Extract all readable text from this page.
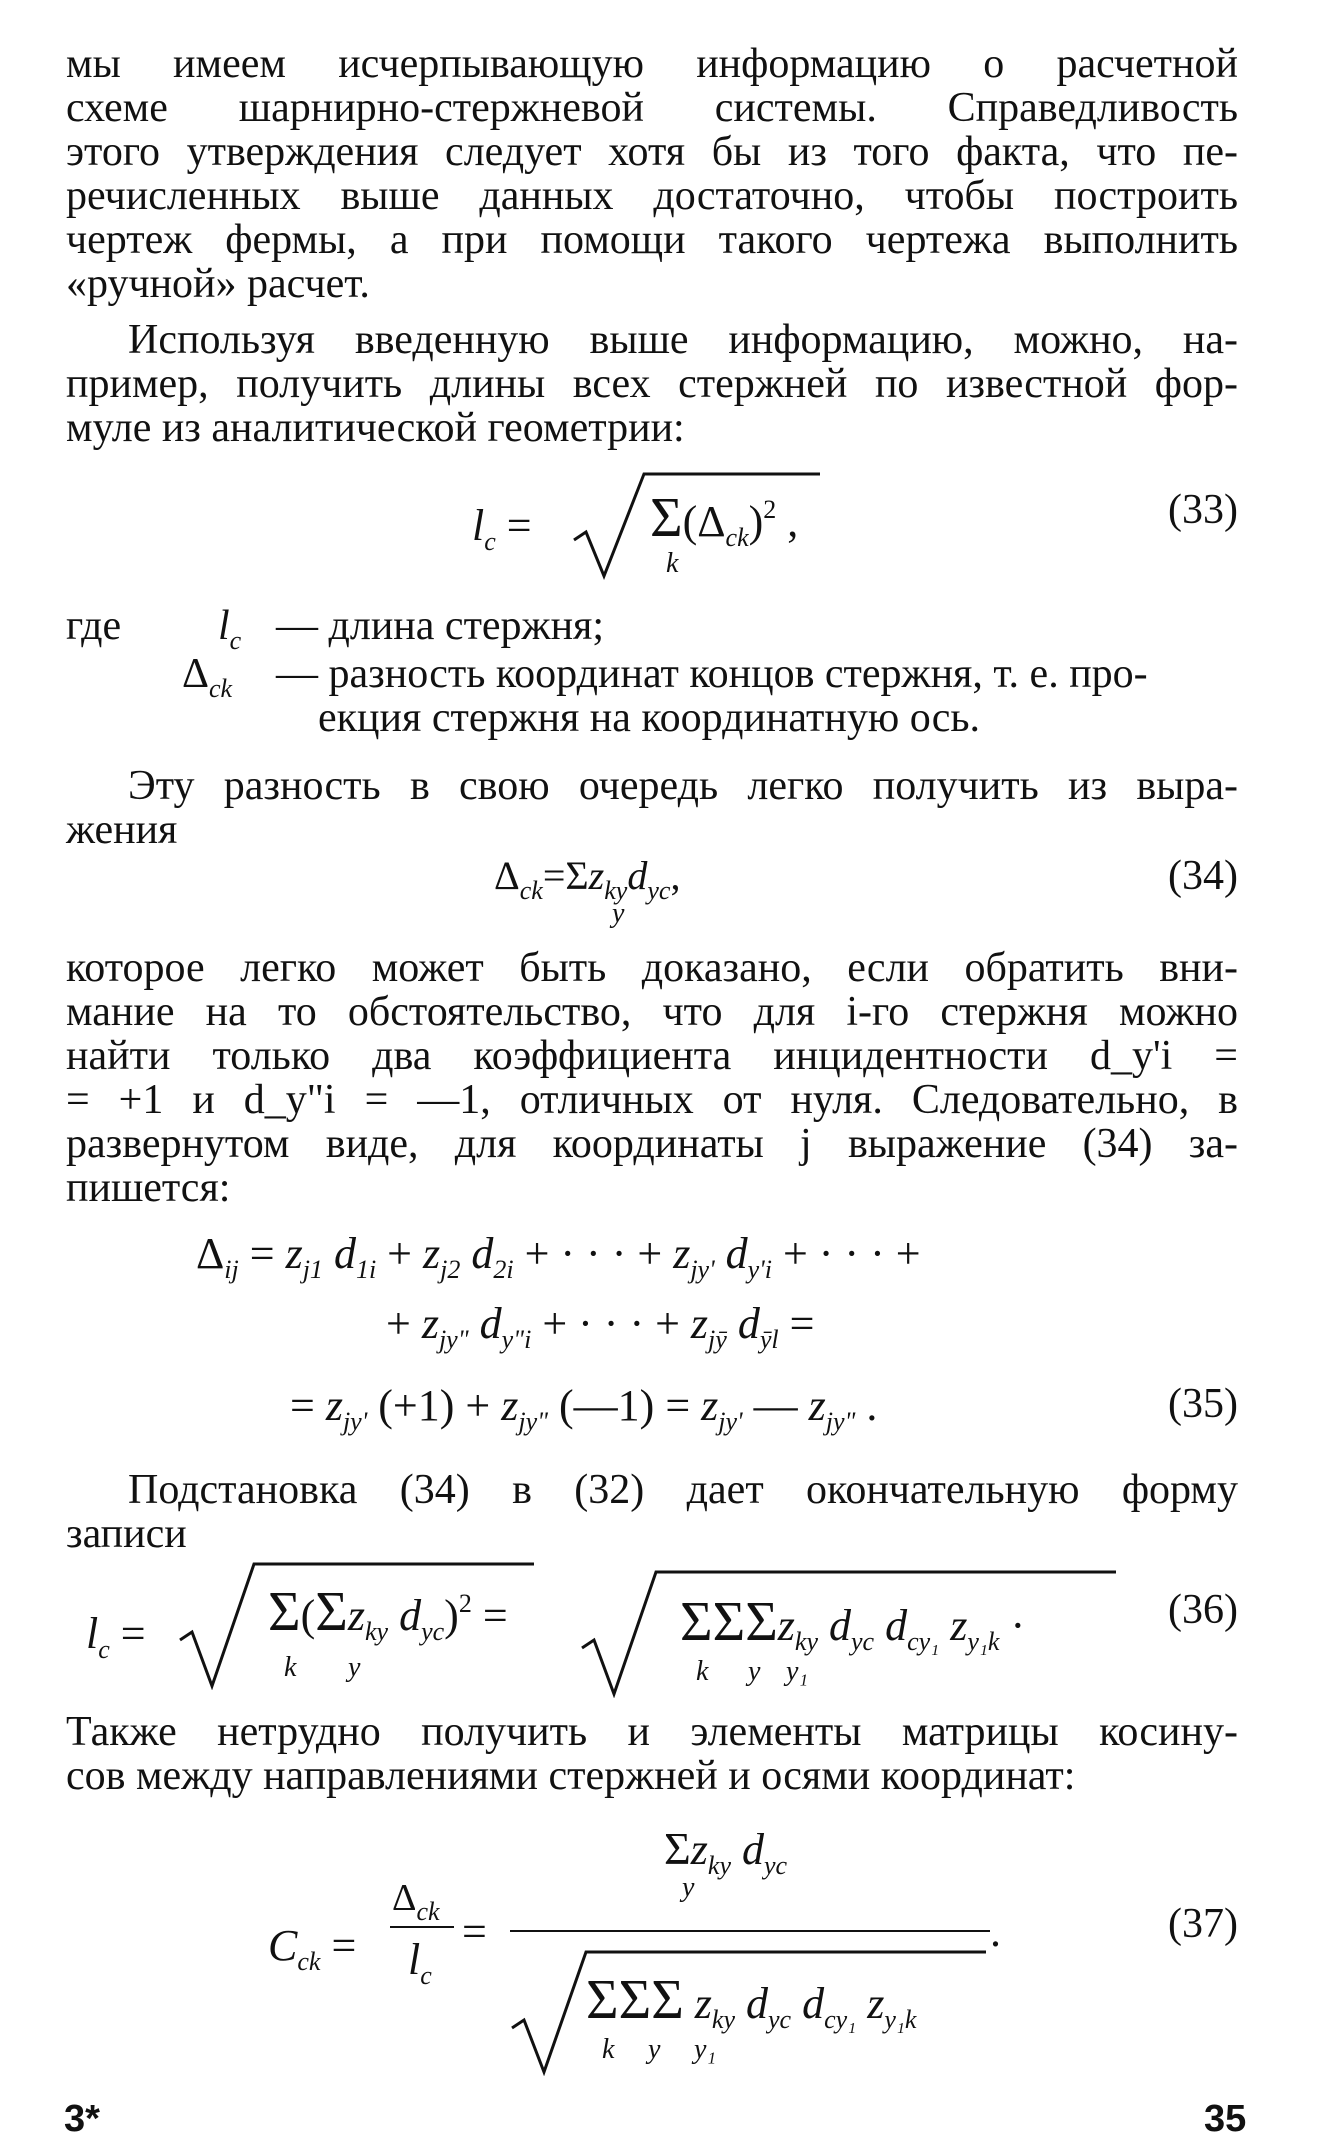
мы имеем исчерпывающую информацию о расчетной
схеме шарнирно-стержневой системы. Справедливость
этого утверждения следует хотя бы из того факта, что пе-
речисленных выше данных достаточно, чтобы построить
чертеж фермы, а при помощи такого чертежа выполнить
«ручной» расчет.
Используя введенную выше информацию, можно, на-
пример, получить длины всех стержней по известной фор-
муле из аналитической геометрии:
$l_c = \Sigma(\Delta_{ck})^2$ ,
k
(33)
где $l_c$ — длина стержня;
$\Delta_{ck}$ — разность координат концов стержня, т. е. про-
екция стержня на координатную ось.
Эту разность в свою очередь легко получить из выра-
жения
$\Delta_{ck}=\Sigma z_{ky}d_{yc}$,
y
(34)
которое легко может быть доказано, если обратить вни-
мание на то обстоятельство, что для i-го стержня можно
найти только два коэффициента инцидентности d_y'i =
= +1 и d_y"i = —1, отличных от нуля. Следовательно, в
развернутом виде, для координаты j выражение (34) за-
пишется:
$\Delta_{ij} = z_{j1}$ $d_{1i} + z_{j2}$ $d_{2i}$ + · · · + $z_{jy'}$ $d_{y'i}$ + · · · +
+ $z_{jy"}$ $d_{y"i}$ + · · · + $z_{jȳ}$ $d_{ȳl}$ =
= $z_{jy'}$ $(+1) + z_{jy"}$ (—1) = $z_{jy'}$ — $z_{jy"}$ .	(35)
Подстановка (34) в (32) дает окончательную форму
записи
$l_c = \Sigma(\Sigma z_{ky}$ $d_{yc})^2$ =
k y
ΣΣΣz$_{ky}$ $d_{yc}$ $d_{cy_1}$ $z_{y_1k}$ ·
k y y₁
(36)
Также нетрудно получить и элементы матрицы косину-
сов между направлениями стержней и осями координат:
$\Sigma z_{ky}$ $d_{yc}$
y
$C_{ck}$ =
$\Delta_{ck}$
$l_c$
=	.
ΣΣΣ $z_{ky}$ $d_{yc}$ $d_{cy_1}$ $z_{y_1k}$
k y y₁
(37)
3*	35
